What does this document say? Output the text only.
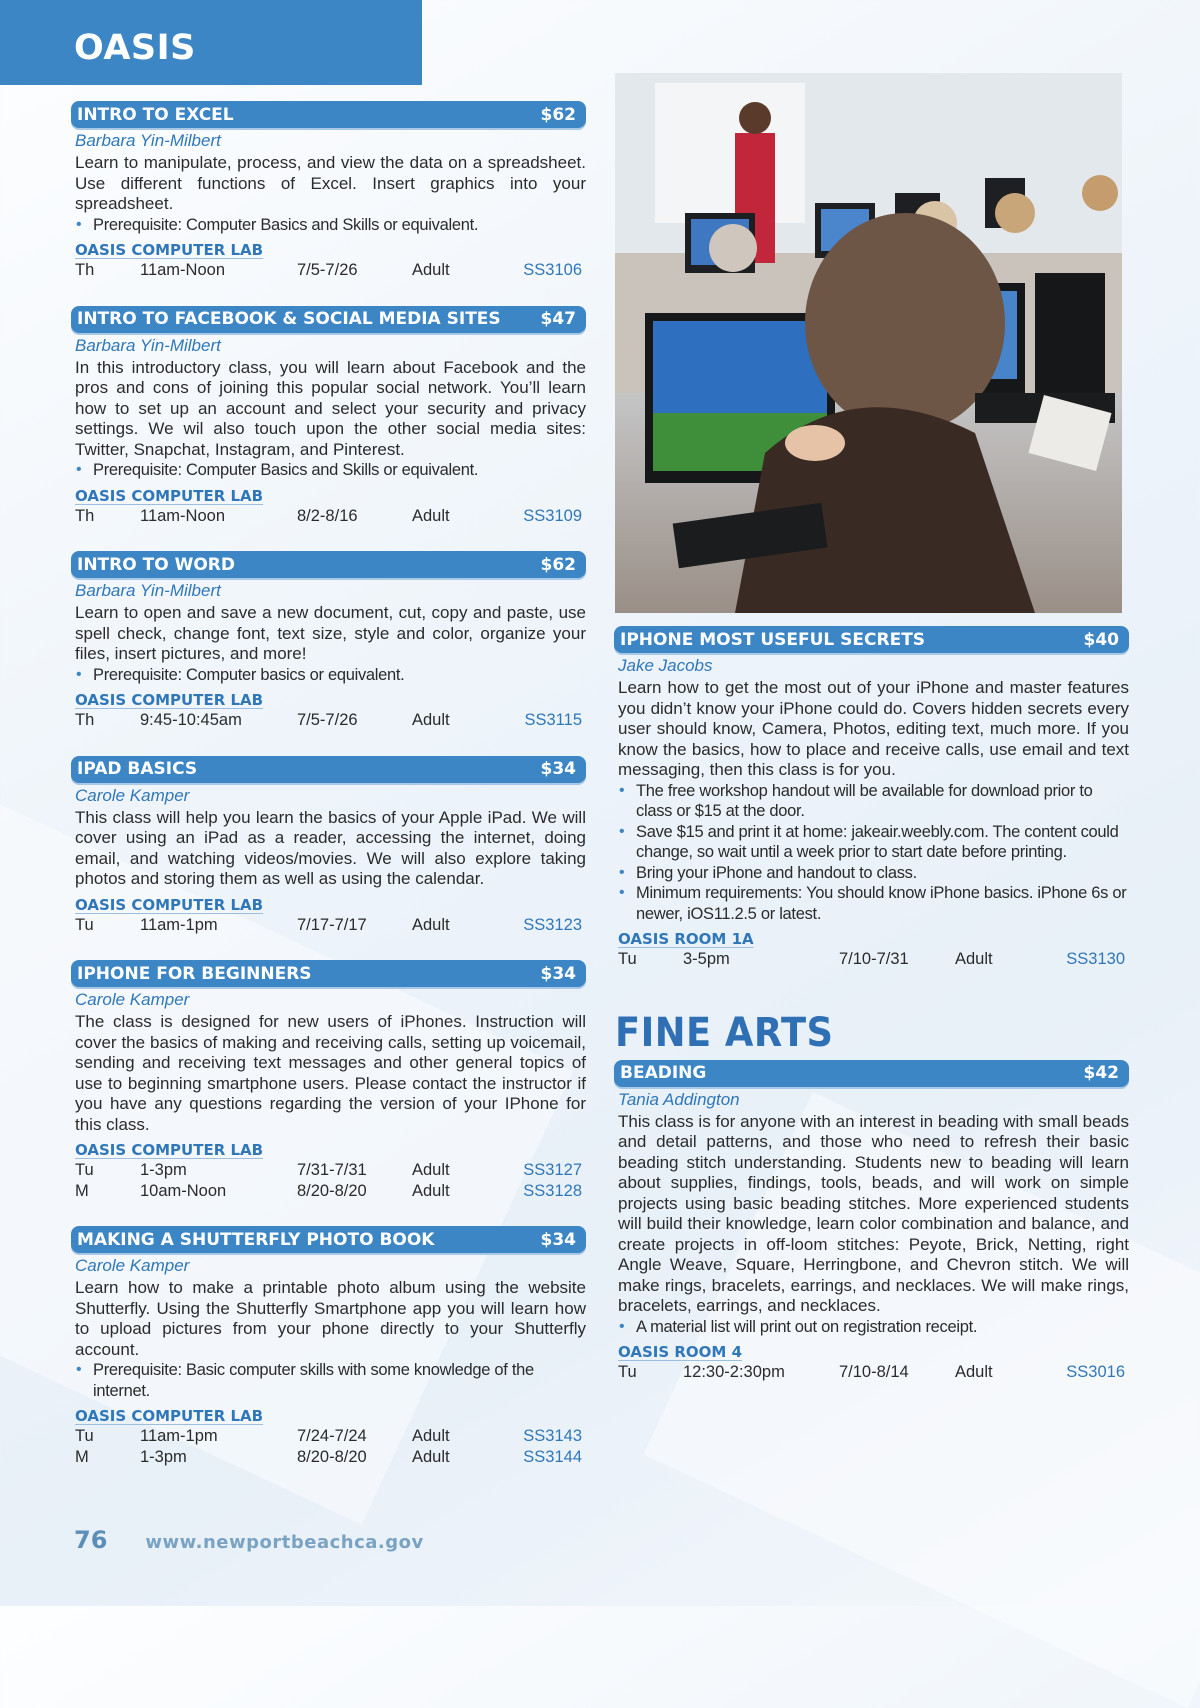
OASIS
INTRO TO EXCEL	$62
Barbara Yin-Milbert

Learn to manipulate, process, and view the data on a spreadsheet. Use different functions of Excel. Insert graphics into your spreadsheet.

• Prerequisite: Computer Basics and Skills or equivalent.
OASIS COMPUTER LAB
Th	11am-Noon	7/5-7/26	Adult	SS3106
INTRO TO FACEBOOK & SOCIAL MEDIA SITES $47
Barbara Yin-Milbert

In this introductory class, you will learn about Facebook and the pros and cons of joining this popular social network. You’ll learn how to set up an account and select your security and privacy settings. We wil also touch upon the other social media sites: Twitter, Snapchat, Instagram, and Pinterest.

• Prerequisite: Computer Basics and Skills or equivalent.
OASIS COMPUTER LAB
Th	11am-Noon	8/2-8/16	Adult	SS3109
INTRO TO WORD	$62
Barbara Yin-Milbert

Learn to open and save a new document, cut, copy and paste, use spell check, change font, text size, style and color, organize your files, insert pictures, and more!

• Prerequisite: Computer basics or equivalent.
OASIS COMPUTER LAB
Th	9:45-10:45am	7/5-7/26	Adult	SS3115
IPAD BASICS	$34
Carole Kamper

This class will help you learn the basics of your Apple iPad. We will cover using an iPad as a reader, accessing the internet, doing email, and watching videos/movies. We will also explore taking photos and storing them as well as using the calendar.

OASIS COMPUTER LAB
Tu	11am-1pm	7/17-7/17	Adult	SS3123
IPHONE FOR BEGINNERS	$34
Carole Kamper

The class is designed for new users of iPhones. Instruction will cover the basics of making and receiving calls, setting up voicemail, sending and receiving text messages and other general topics of use to beginning smartphone users. Please contact the instructor if you have any questions regarding the version of your IPhone for this class.

OASIS COMPUTER LAB
Tu	1-3pm	7/31-7/31	Adult	SS3127
M	10am-Noon	8/20-8/20	Adult	SS3128
MAKING A SHUTTERFLY PHOTO BOOK	$34
Carole Kamper

Learn how to make a printable photo album using the website Shutterfly. Using the Shutterfly Smartphone app you will learn how to upload pictures from your phone directly to your Shutterfly account.

• Prerequisite: Basic computer skills with some knowledge of the internet.
OASIS COMPUTER LAB
Tu	11am-1pm	7/24-7/24	Adult	SS3143
M	1-3pm	8/20-8/20	Adult	SS3144
IPHONE MOST USEFUL SECRETS	$40
Jake Jacobs

Learn how to get the most out of your iPhone and master features you didn’t know your iPhone could do. Covers hidden secrets every user should know, Camera, Photos, editing text, much more. If you know the basics, how to place and receive calls, use email and text messaging, then this class is for you.

• The free workshop handout will be available for download prior to class or $15 at the door.
• Save $15 and print it at home: jakeair.weebly.com. The content could change, so wait until a week prior to start date before printing.
• Bring your iPhone and handout to class.
• Minimum requirements: You should know iPhone basics. iPhone 6s or newer, iOS11.2.5 or latest.
OASIS ROOM 1A
Tu	3-5pm	7/10-7/31	Adult	SS3130
FINE ARTS
BEADING	$42
Tania Addington

This class is for anyone with an interest in beading with small beads and detail patterns, and those who need to refresh their basic beading stitch understanding. Students new to beading will learn about supplies, findings, tools, beads, and will work on simple projects using basic beading stitches. More experienced students will build their knowledge, learn color combination and balance, and create projects in off-loom stitches: Peyote, Brick, Netting, right Angle Weave, Square, Herringbone, and Chevron stitch. We will make rings, bracelets, earrings, and necklaces. We will make rings, bracelets, earrings, and necklaces.

• A material list will print out on registration receipt.
OASIS ROOM 4
Tu	12:30-2:30pm	7/10-8/14	Adult	SS3016
76 www.newportbeachca.gov
